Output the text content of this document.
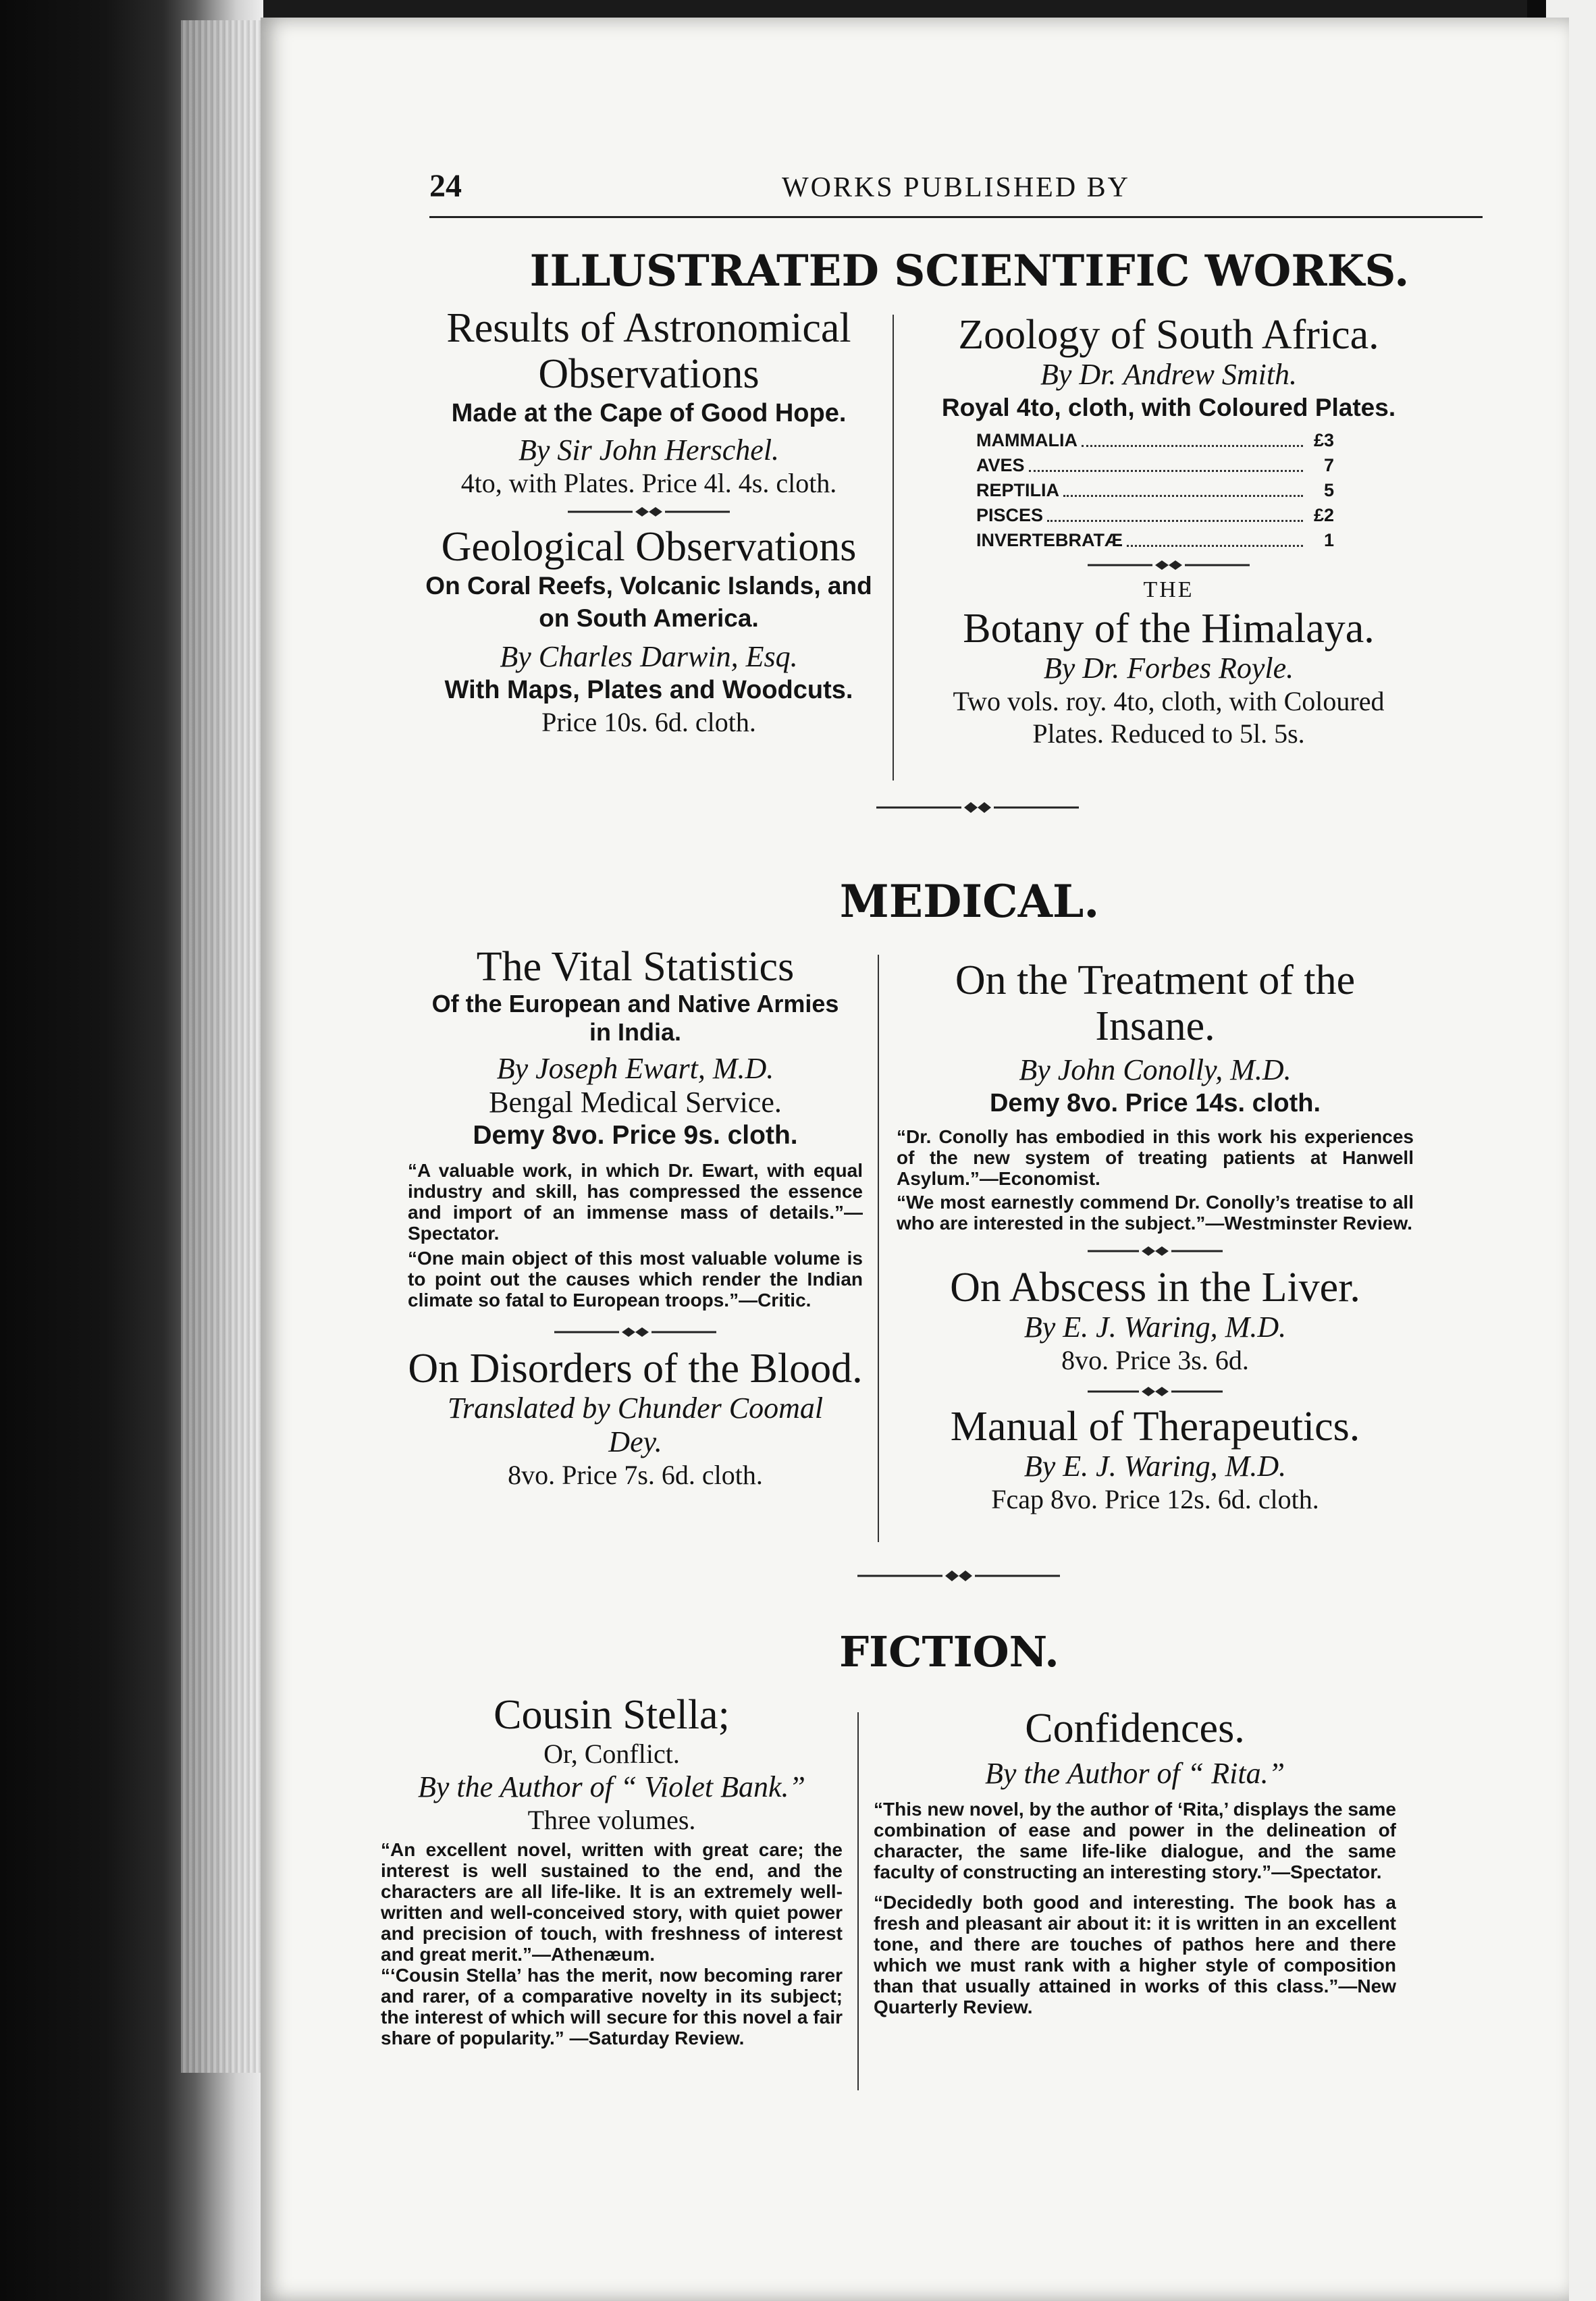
24	WORKS PUBLISHED BY
ILLUSTRATED SCIENTIFIC WORKS.
Results of Astronomical
Observations
Made at the Cape of Good Hope.
By Sir John Herschel.
4to, with Plates. Price 4l. 4s. cloth.
Geological Observations
On Coral Reefs, Volcanic Islands, and
on South America.
By Charles Darwin, Esq.
With Maps, Plates and Woodcuts.
Price 10s. 6d. cloth.
Zoology of South Africa.
By Dr. Andrew Smith.
Royal 4to, cloth, with Coloured Plates.
MAMMALIA	£3
AVES	7
REPTILIA	5
PISCES	£2
INVERTEBRATÆ	1
THE
Botany of the Himalaya.
By Dr. Forbes Royle.
Two vols. roy. 4to, cloth, with Coloured
Plates. Reduced to 5l. 5s.
MEDICAL.
The Vital Statistics
Of the European and Native Armies
in India.
By Joseph Ewart, M.D.
Bengal Medical Service.
Demy 8vo. Price 9s. cloth.

“A valuable work, in which Dr. Ewart, with equal industry and skill, has compressed the essence and import of an immense mass of details.”—Spectator.

“One main object of this most valuable volume is to point out the causes which render the Indian climate so fatal to European troops.”—Critic.

On Disorders of the Blood.
Translated by Chunder Coomal
Dey.
8vo. Price 7s. 6d. cloth.
On the Treatment of the
Insane.
By John Conolly, M.D.
Demy 8vo. Price 14s. cloth.

“Dr. Conolly has embodied in this work his experiences of the new system of treating patients at Hanwell Asylum.”—Economist.

“We most earnestly commend Dr. Conolly’s treatise to all who are interested in the subject.”—Westminster Review.

On Abscess in the Liver.
By E. J. Waring, M.D.
8vo. Price 3s. 6d.
Manual of Therapeutics.
By E. J. Waring, M.D.
Fcap 8vo. Price 12s. 6d. cloth.
FICTION.
Cousin Stella;
Or, Conflict.
By the Author of “ Violet Bank.”
Three volumes.

“An excellent novel, written with great care; the interest is well sustained to the end, and the characters are all life-like. It is an extremely well-written and well-conceived story, with quiet power and precision of touch, with freshness of interest and great merit.”—Athenæum.

“‘Cousin Stella’ has the merit, now becoming rarer and rarer, of a comparative novelty in its subject; the interest of which will secure for this novel a fair share of popularity.” —Saturday Review.

Confidences.
By the Author of “ Rita.”

“This new novel, by the author of ‘Rita,’ displays the same combination of ease and power in the delineation of character, the same life-like dialogue, and the same faculty of constructing an interesting story.”—Spectator.

“Decidedly both good and interesting. The book has a fresh and pleasant air about it: it is written in an excellent tone, and there are touches of pathos here and there which we must rank with a higher style of composition than that usually attained in works of this class.”—New Quarterly Review.
